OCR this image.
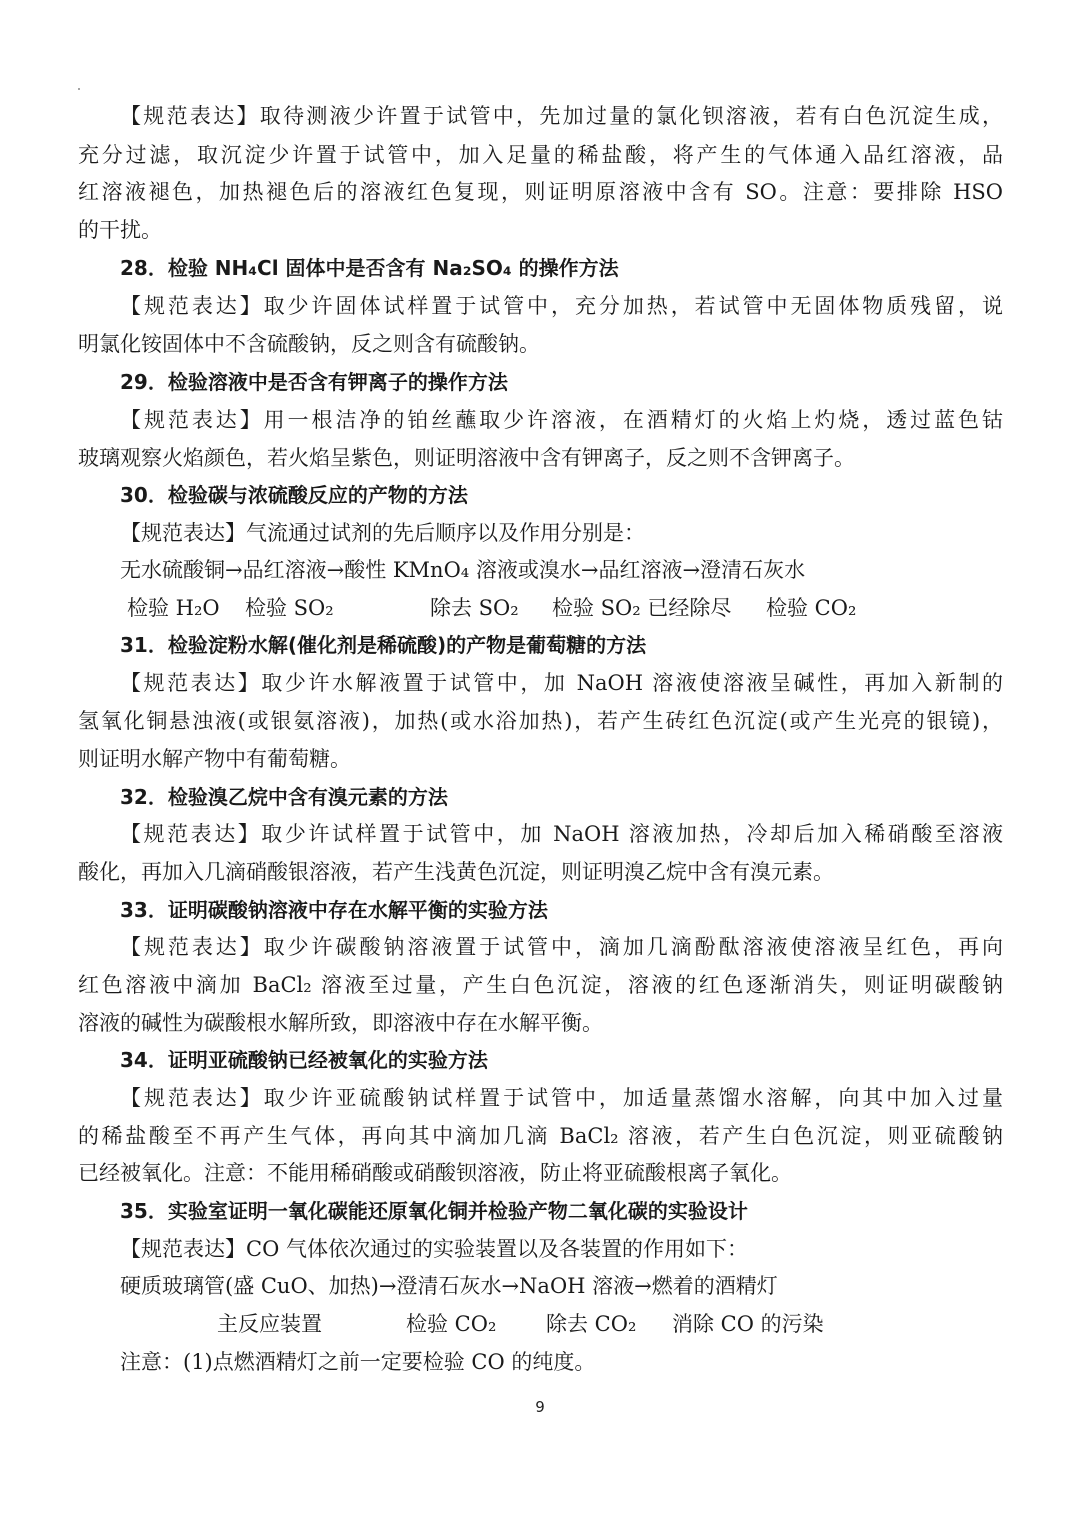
【规范表达】取待测液少许置于试管中，先加过量的氯化钡溶液，若有白色沉淀生成，
充分过滤，取沉淀少许置于试管中，加入足量的稀盐酸，将产生的气体通入品红溶液，品
红溶液褪色，加热褪色后的溶液红色复现，则证明原溶液中含有 SO。注意：要排除 HSO
的干扰。
28．检验 NH₄Cl 固体中是否含有 Na₂SO₄ 的操作方法
【规范表达】取少许固体试样置于试管中，充分加热，若试管中无固体物质残留，说
明氯化铵固体中不含硫酸钠，反之则含有硫酸钠。
29．检验溶液中是否含有钾离子的操作方法
【规范表达】用一根洁净的铂丝蘸取少许溶液，在酒精灯的火焰上灼烧，透过蓝色钴
玻璃观察火焰颜色，若火焰呈紫色，则证明溶液中含有钾离子，反之则不含钾离子。
30．检验碳与浓硫酸反应的产物的方法
【规范表达】气流通过试剂的先后顺序以及作用分别是：
无水硫酸铜→品红溶液→酸性 KMnO₄ 溶液或溴水→品红溶液→澄清石灰水
检验 H₂O 检验 SO₂	除去 SO₂ 检验 SO₂ 已经除尽 检验 CO₂
31．检验淀粉水解(催化剂是稀硫酸)的产物是葡萄糖的方法
【规范表达】取少许水解液置于试管中，加 NaOH 溶液使溶液呈碱性，再加入新制的
氢氧化铜悬浊液(或银氨溶液)，加热(或水浴加热)，若产生砖红色沉淀(或产生光亮的银镜)，
则证明水解产物中有葡萄糖。
32．检验溴乙烷中含有溴元素的方法
【规范表达】取少许试样置于试管中，加 NaOH 溶液加热，冷却后加入稀硝酸至溶液
酸化，再加入几滴硝酸银溶液，若产生浅黄色沉淀，则证明溴乙烷中含有溴元素。
33．证明碳酸钠溶液中存在水解平衡的实验方法
【规范表达】取少许碳酸钠溶液置于试管中，滴加几滴酚酞溶液使溶液呈红色，再向
红色溶液中滴加 BaCl₂ 溶液至过量，产生白色沉淀，溶液的红色逐渐消失，则证明碳酸钠
溶液的碱性为碳酸根水解所致，即溶液中存在水解平衡。
34．证明亚硫酸钠已经被氧化的实验方法
【规范表达】取少许亚硫酸钠试样置于试管中，加适量蒸馏水溶解，向其中加入过量
的稀盐酸至不再产生气体，再向其中滴加几滴 BaCl₂ 溶液，若产生白色沉淀，则亚硫酸钠
已经被氧化。注意：不能用稀硝酸或硝酸钡溶液，防止将亚硫酸根离子氧化。
35．实验室证明一氧化碳能还原氧化铜并检验产物二氧化碳的实验设计
【规范表达】CO 气体依次通过的实验装置以及各装置的作用如下：
硬质玻璃管(盛 CuO、加热)→澄清石灰水→NaOH 溶液→燃着的酒精灯
主反应装置	检验 CO₂ 除去 CO₂ 消除 CO 的污染
注意：(1)点燃酒精灯之前一定要检验 CO 的纯度。
9
